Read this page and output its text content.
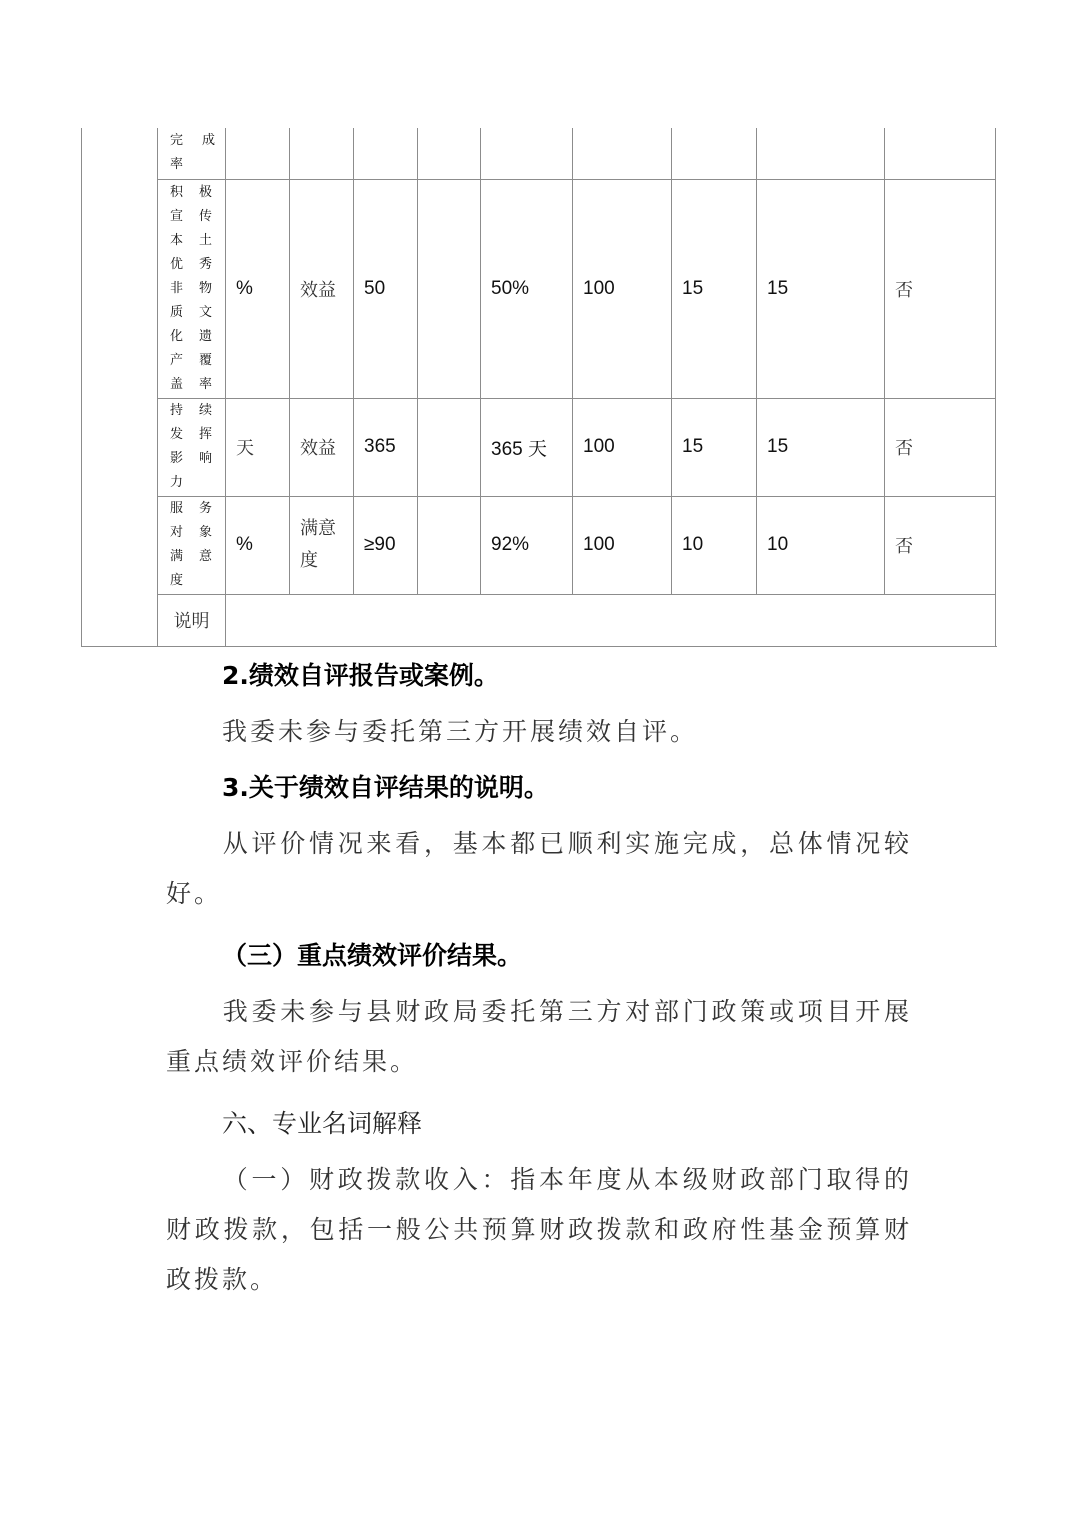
	完 成
率									

	积极宣传本土优秀非物质文化遗产覆盖率	%	效益	50		50%	100	15	15	否

	持续发挥影响力	天	效益	365		365 天	100	15	15	否

	服务对象满意度	%	满意度	≥90		92%	100	10	10	否
	说明									

2.绩效自评报告或案例。

我委未参与委托第三方开展绩效自评。

3.关于绩效自评结果的说明。

从评价情况来看，基本都已顺利实施完成，总体情况较好。

（三）重点绩效评价结果。

我委未参与县财政局委托第三方对部门政策或项目开展重点绩效评价结果。

六、专业名词解释

（一）财政拨款收入：指本年度从本级财政部门取得的财政拨款，包括一般公共预算财政拨款和政府性基金预算财政拨款。
